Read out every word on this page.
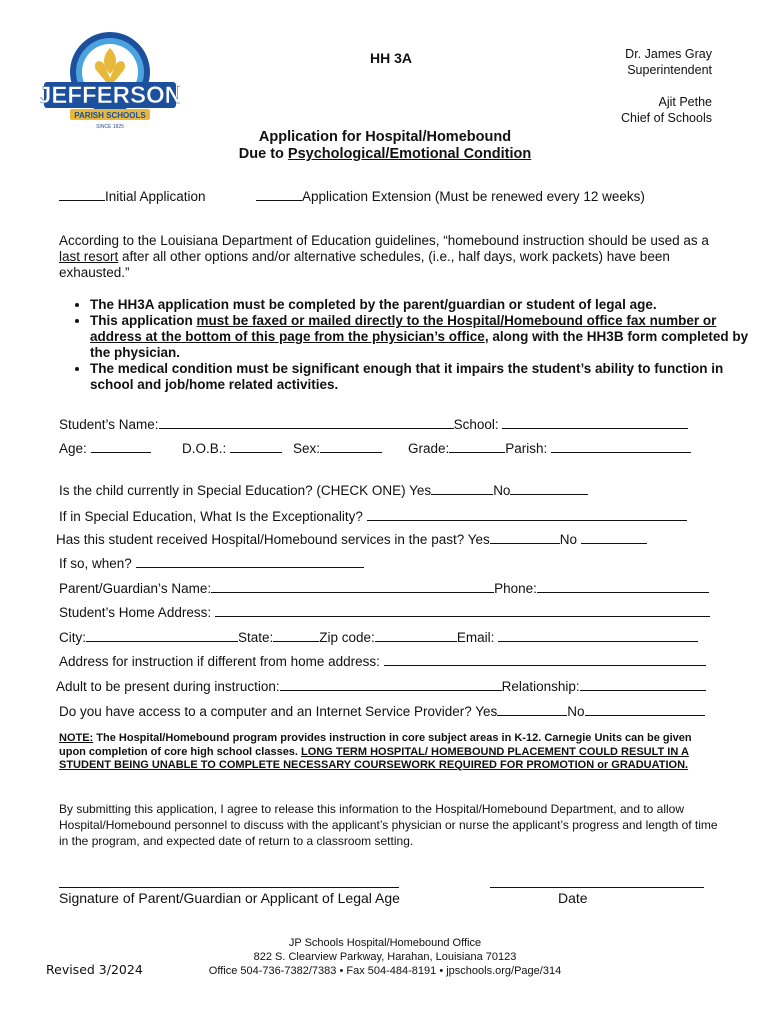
JEFFERSON
PARISH SCHOOLS
SINCE 1825
HH 3A	Dr. James Gray
Superintendent
Ajit Pethe
Chief of Schools
Application for Hospital/Homebound
Due to Psychological/Emotional Condition
Initial Application	Application Extension (Must be renewed every 12 weeks)
According to the Louisiana Department of Education guidelines, “homebound instruction should be used as a last resort after all other options and/or alternative schedules, (i.e., half days, work packets) have been exhausted.”
• The HH3A application must be completed by the parent/guardian or student of legal age.
• This application must be faxed or mailed directly to the Hospital/Homebound office fax number or address at the bottom of this page from the physician’s office, along with the HH3B form completed by the physician.
• The medical condition must be significant enough that it impairs the student’s ability to function in school and job/home related activities.
Student’s Name:	School:
Age:	D.O.B.:	Sex:	Grade:	Parish:
Is the child currently in Special Education? (CHECK ONE) Yes	No
If in Special Education, What Is the Exceptionality?
Has this student received Hospital/Homebound services in the past? Yes	No
If so, when?
Parent/Guardian’s Name:	Phone:
Student’s Home Address:
City:	State:	Zip code:	Email:
Address for instruction if different from home address:
Adult to be present during instruction:	Relationship:
Do you have access to a computer and an Internet Service Provider? Yes	No
NOTE: The Hospital/Homebound program provides instruction in core subject areas in K-12. Carnegie Units can be given upon completion of core high school classes. LONG TERM HOSPITAL/ HOMEBOUND PLACEMENT COULD RESULT IN A STUDENT BEING UNABLE TO COMPLETE NECESSARY COURSEWORK REQUIRED FOR PROMOTION or GRADUATION.
By submitting this application, I agree to release this information to the Hospital/Homebound Department, and to allow Hospital/Homebound personnel to discuss with the applicant’s physician or nurse the applicant’s progress and length of time in the program, and expected date of return to a classroom setting.
Signature of Parent/Guardian or Applicant of Legal Age	Date
JP Schools Hospital/Homebound Office
822 S. Clearview Parkway, Harahan, Louisiana 70123
Office 504-736-7382/7383 • Fax 504-484-8191 • jpschools.org/Page/314
Revised 3/2024
